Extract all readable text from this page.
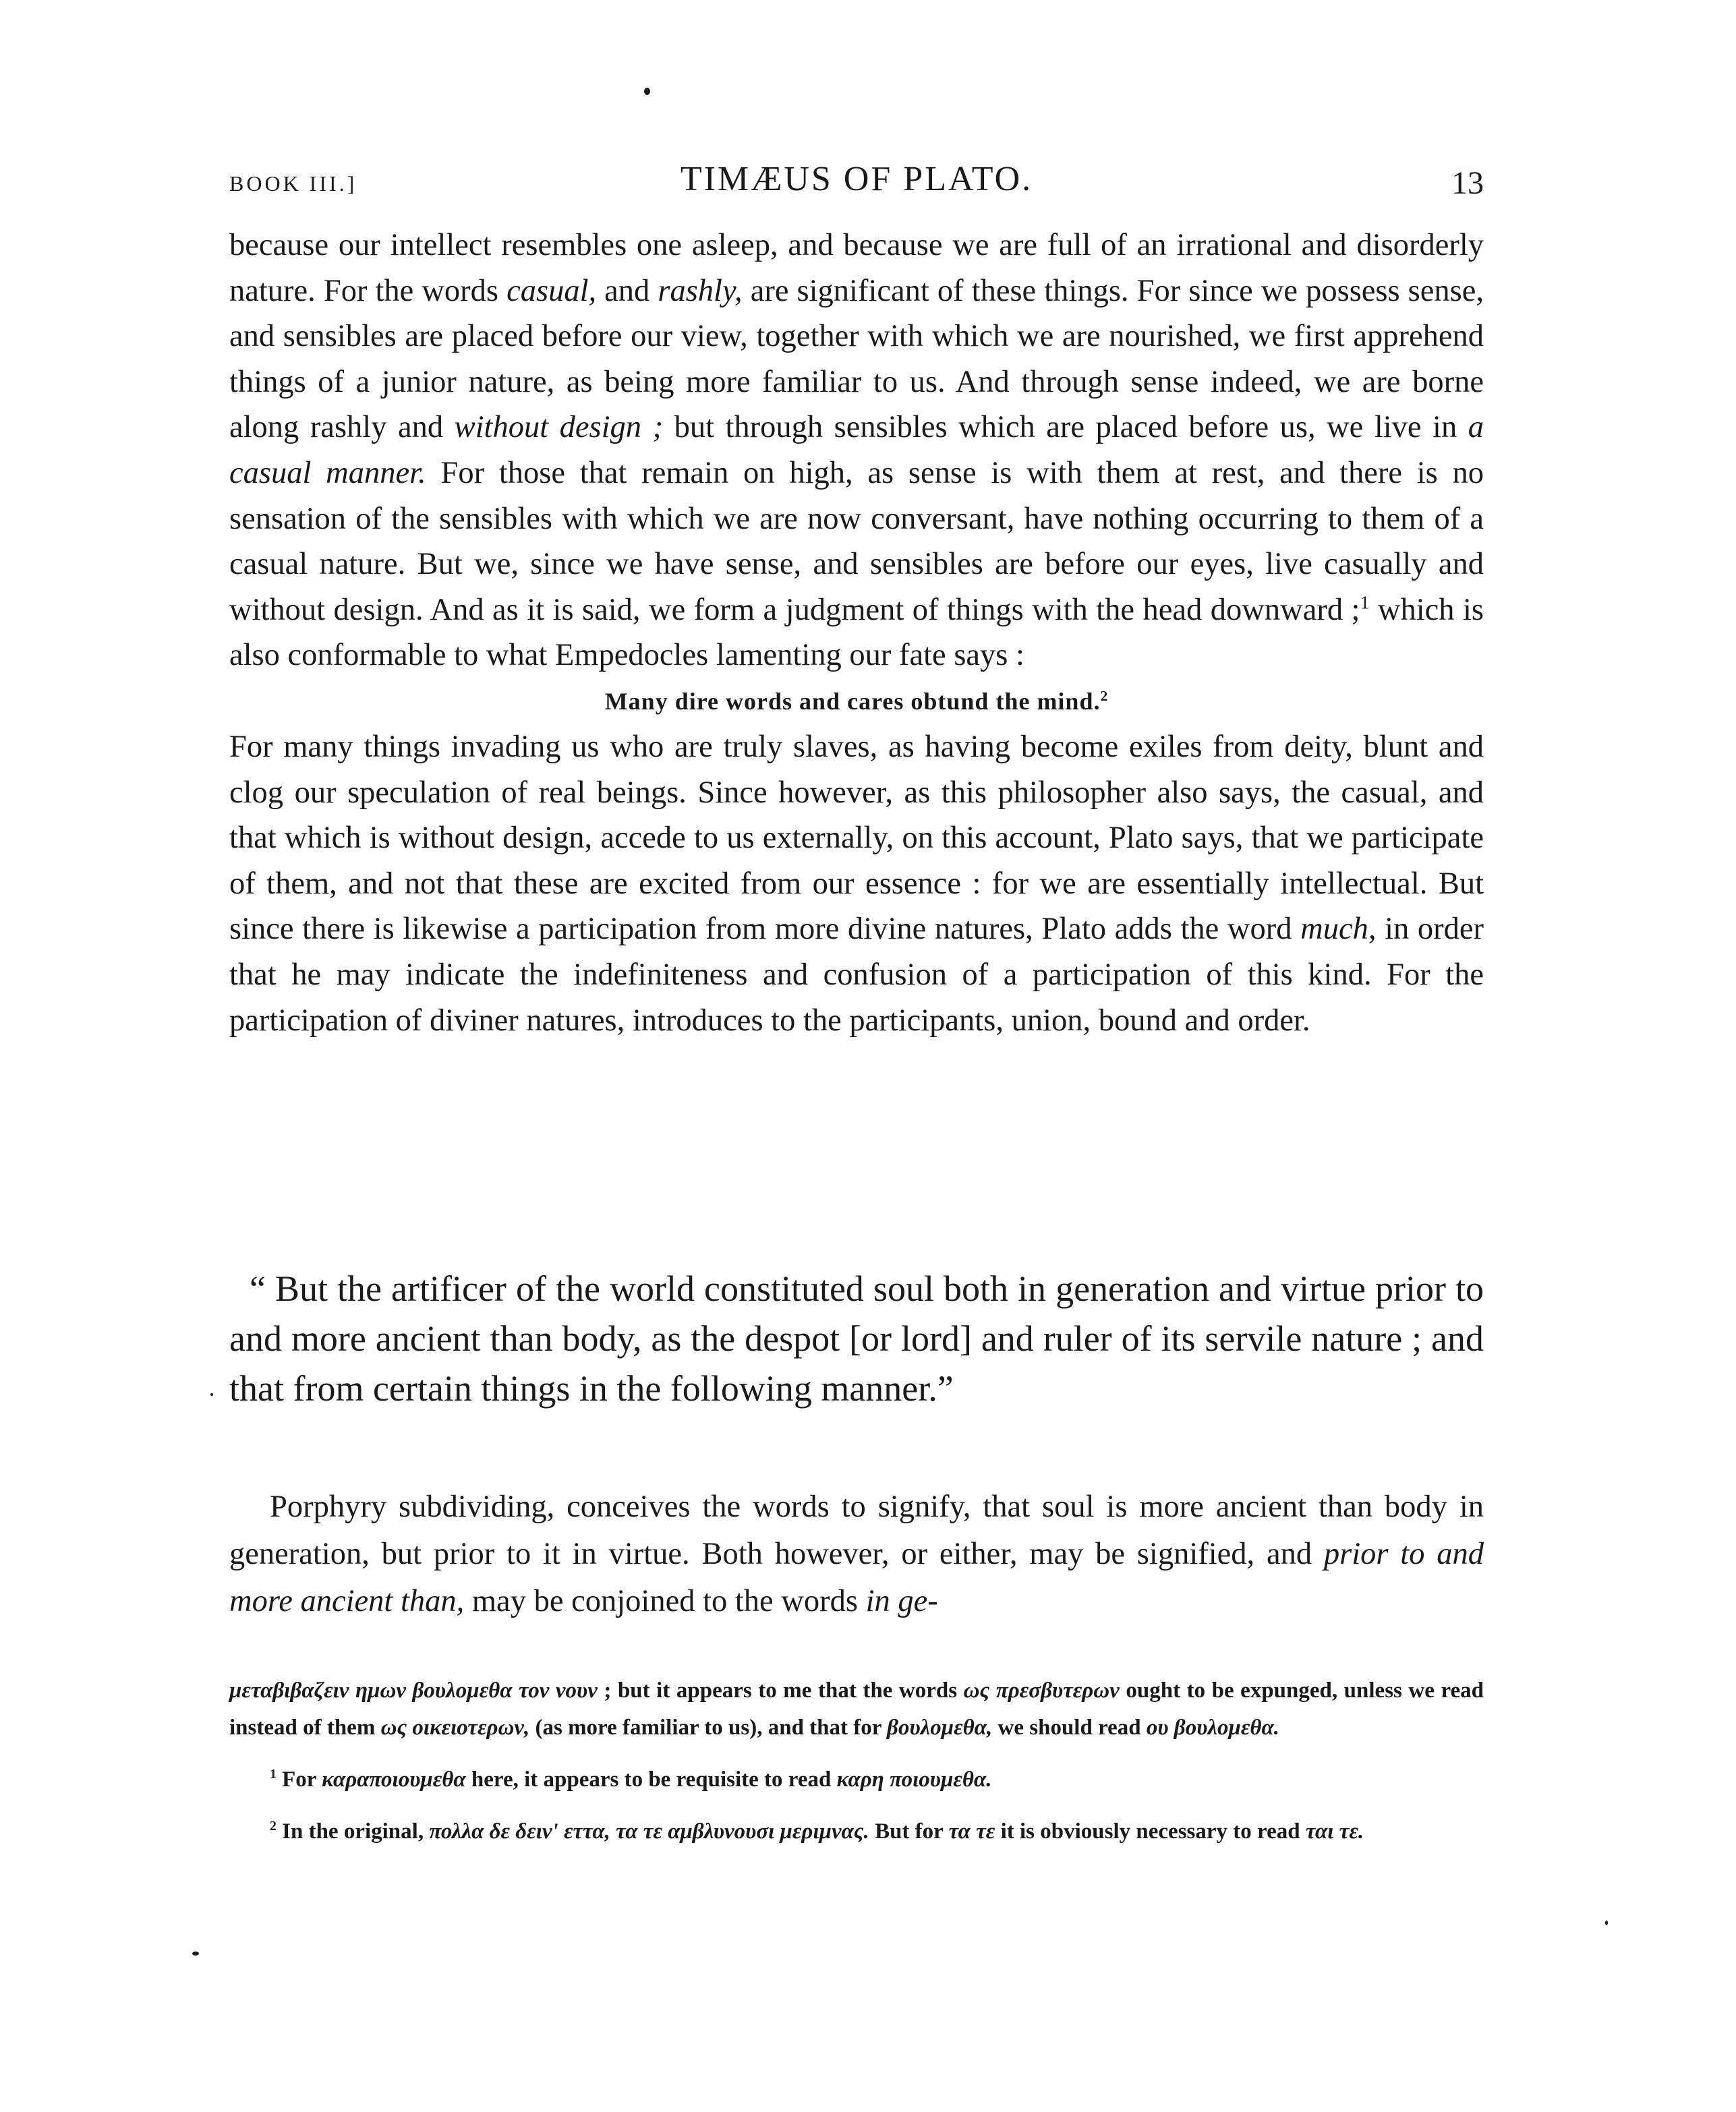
BOOK III.]	TIMÆUS OF PLATO.	13

because our intellect resembles one asleep, and because we are full of an irrational and disorderly nature. For the words casual, and rashly, are significant of these things. For since we possess sense, and sensibles are placed before our view, together with which we are nourished, we first apprehend things of a junior nature, as being more familiar to us. And through sense indeed, we are borne along rashly and without design ; but through sensibles which are placed before us, we live in a casual manner. For those that remain on high, as sense is with them at rest, and there is no sensation of the sensibles with which we are now conversant, have nothing occurring to them of a casual nature. But we, since we have sense, and sensibles are before our eyes, live casually and without design. And as it is said, we form a judgment of things with the head downward ;$^1$ which is also conformable to what Empedocles lamenting our fate says :

Many dire words and cares obtund the mind.$^2$

For many things invading us who are truly slaves, as having become exiles from deity, blunt and clog our speculation of real beings. Since however, as this philosopher also says, the casual, and that which is without design, accede to us externally, on this account, Plato says, that we participate of them, and not that these are excited from our essence : for we are essentially intellectual. But since there is likewise a participation from more divine natures, Plato adds the word much, in order that he may indicate the indefiniteness and confusion of a participation of this kind. For the participation of diviner natures, introduces to the participants, union, bound and order.

“ But the artificer of the world constituted soul both in generation and virtue prior to and more ancient than body, as the despot [or lord] and ruler of its servile nature ; and that from certain things in the following manner.”

Porphyry subdividing, conceives the words to signify, that soul is more ancient than body in generation, but prior to it in virtue. Both however, or either, may be signified, and prior to and more ancient than, may be conjoined to the words in ge-

μεταβιβαζειν ημων βουλομεθα τον νουν ; but it appears to me that the words ως πρεσβυτερων ought to be expunged, unless we read instead of them ως οικειοτερων, (as more familiar to us), and that for βουλομεθα, we should read ου βουλομεθα.

$^1$ For καραποιουμεθα here, it appears to be requisite to read καρη ποιουμεθα.

$^2$ In the original, πολλα δε δειν' εττα, τα τε αμβλυνουσι μεριμνας. But for τα τε it is obviously necessary to read ται τε.
